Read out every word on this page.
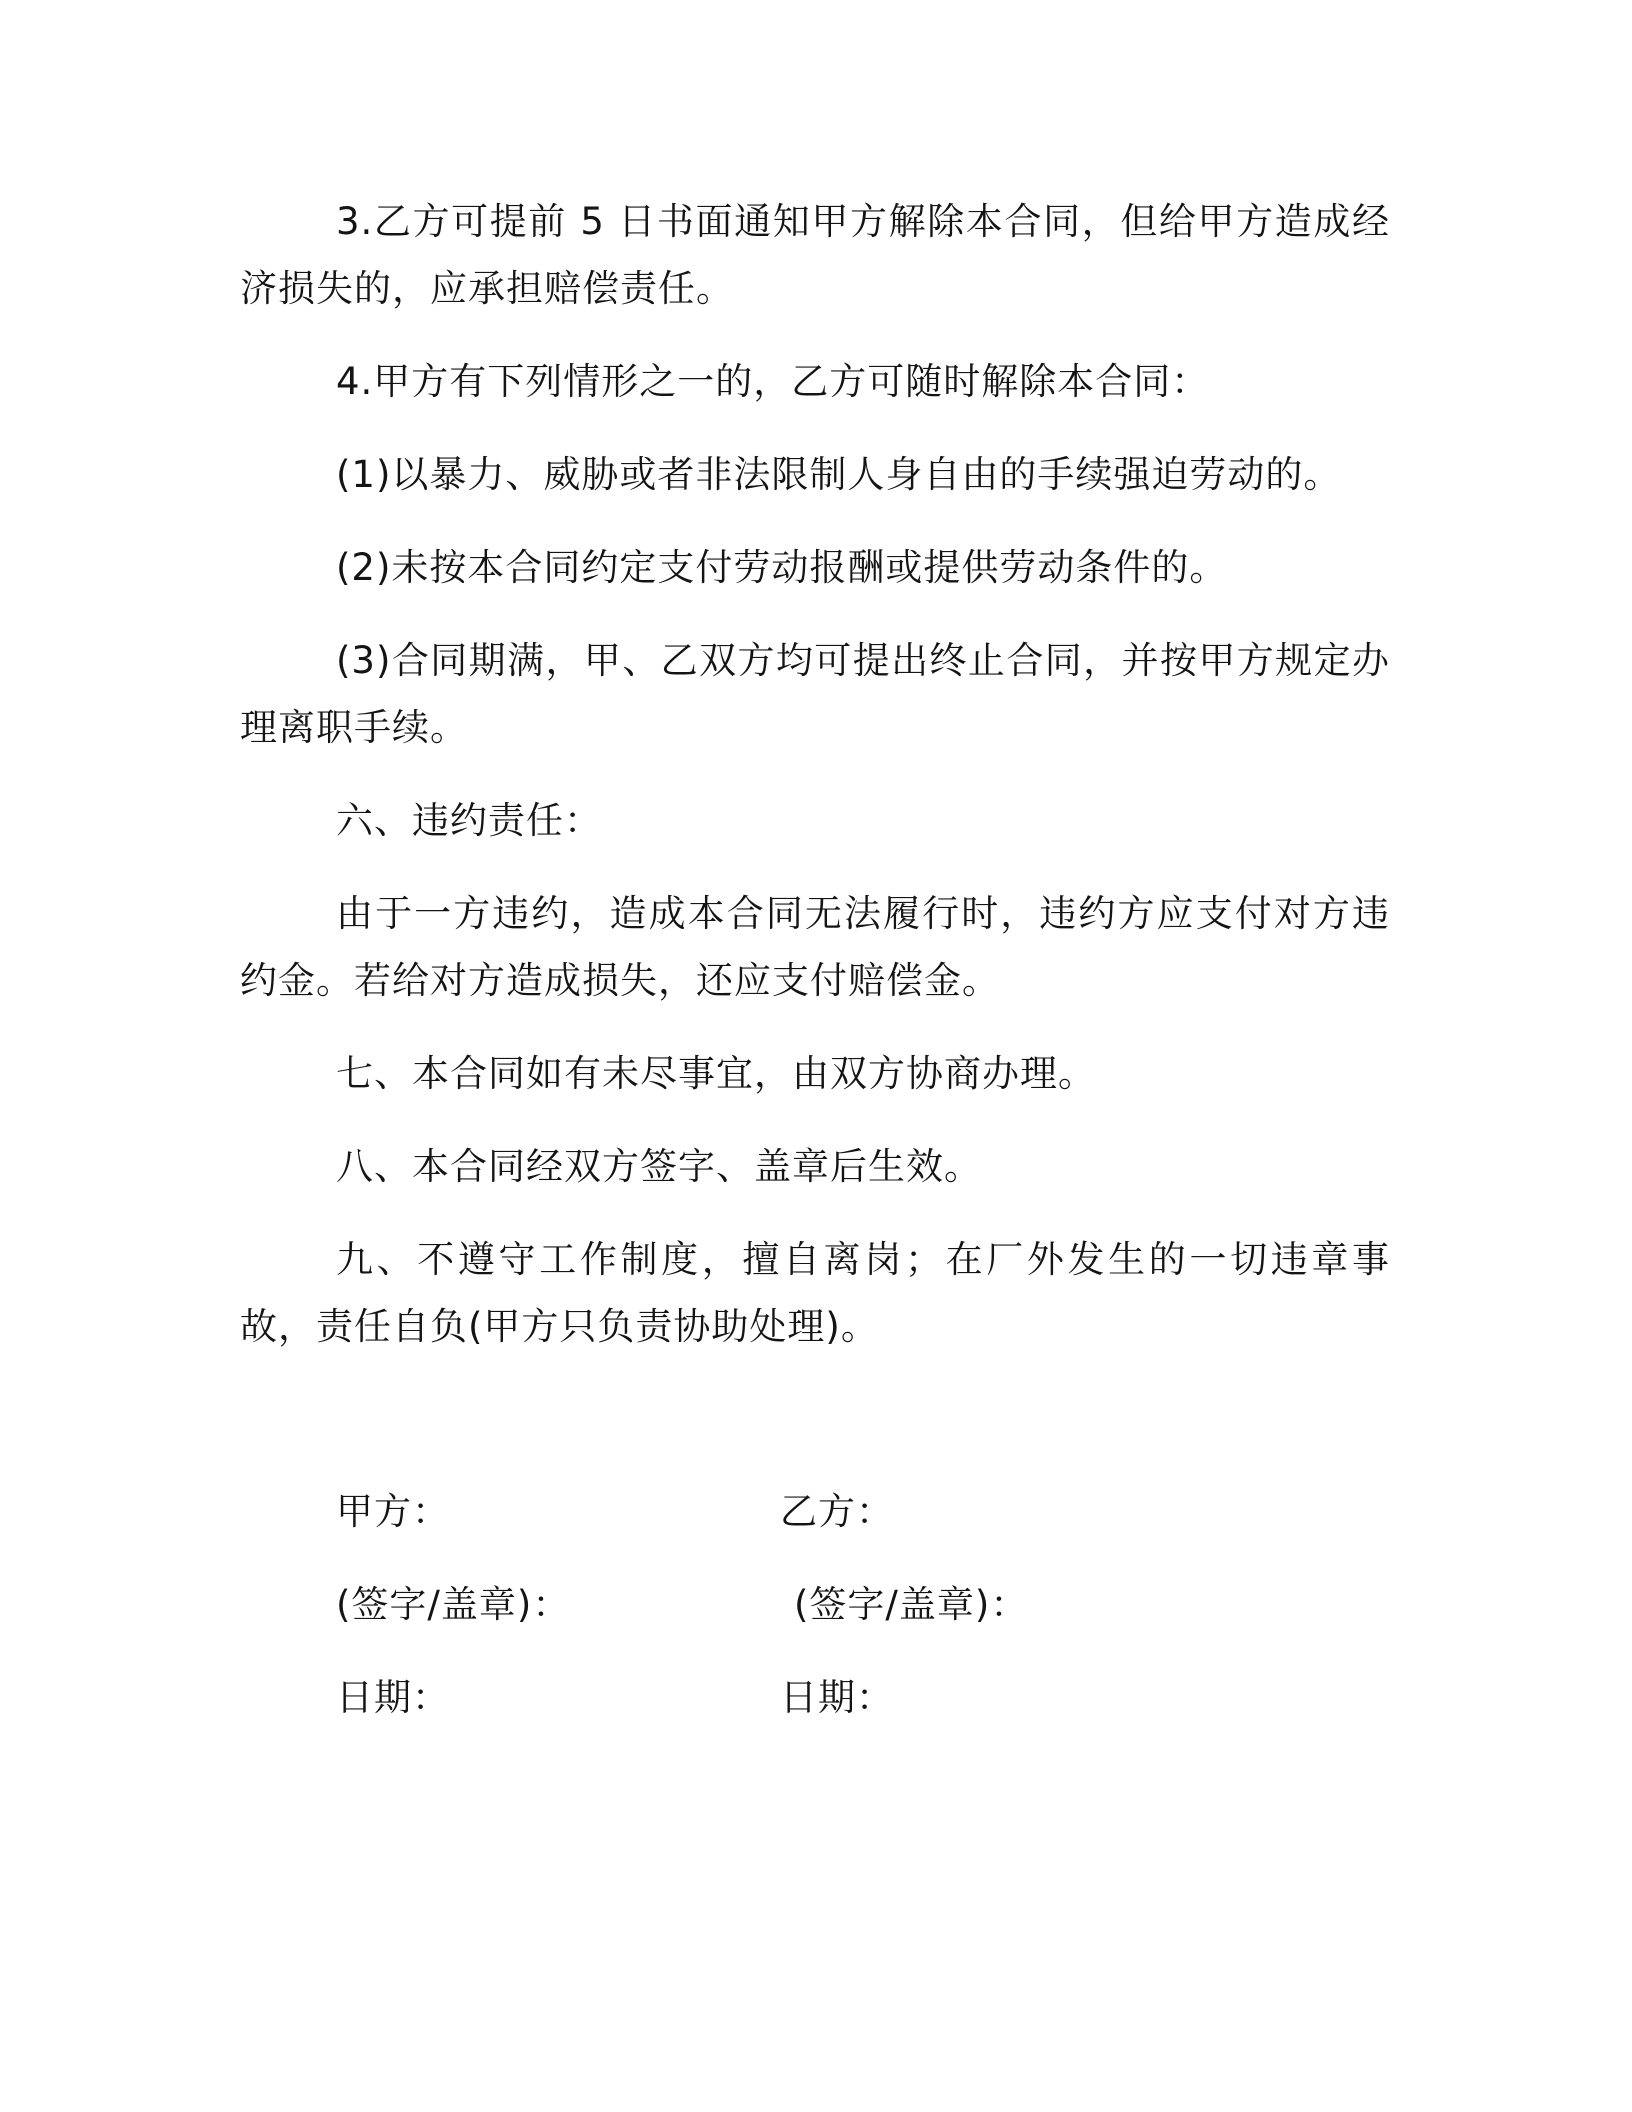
3.乙方可提前 5 日书面通知甲方解除本合同，但给甲方造成经济损失的，应承担赔偿责任。

4.甲方有下列情形之一的，乙方可随时解除本合同：

(1)以暴力、威胁或者非法限制人身自由的手续强迫劳动的。

(2)未按本合同约定支付劳动报酬或提供劳动条件的。

(3)合同期满，甲、乙双方均可提出终止合同，并按甲方规定办理离职手续。

六、违约责任：

由于一方违约，造成本合同无法履行时，违约方应支付对方违约金。若给对方造成损失，还应支付赔偿金。

七、本合同如有未尽事宜，由双方协商办理。

八、本合同经双方签字、盖章后生效。

九、不遵守工作制度，擅自离岗；在厂外发生的一切违章事故，责任自负(甲方只负责协助处理)。

甲方：	乙方：
(签字/盖章)：	(签字/盖章)：
日期：	日期：
